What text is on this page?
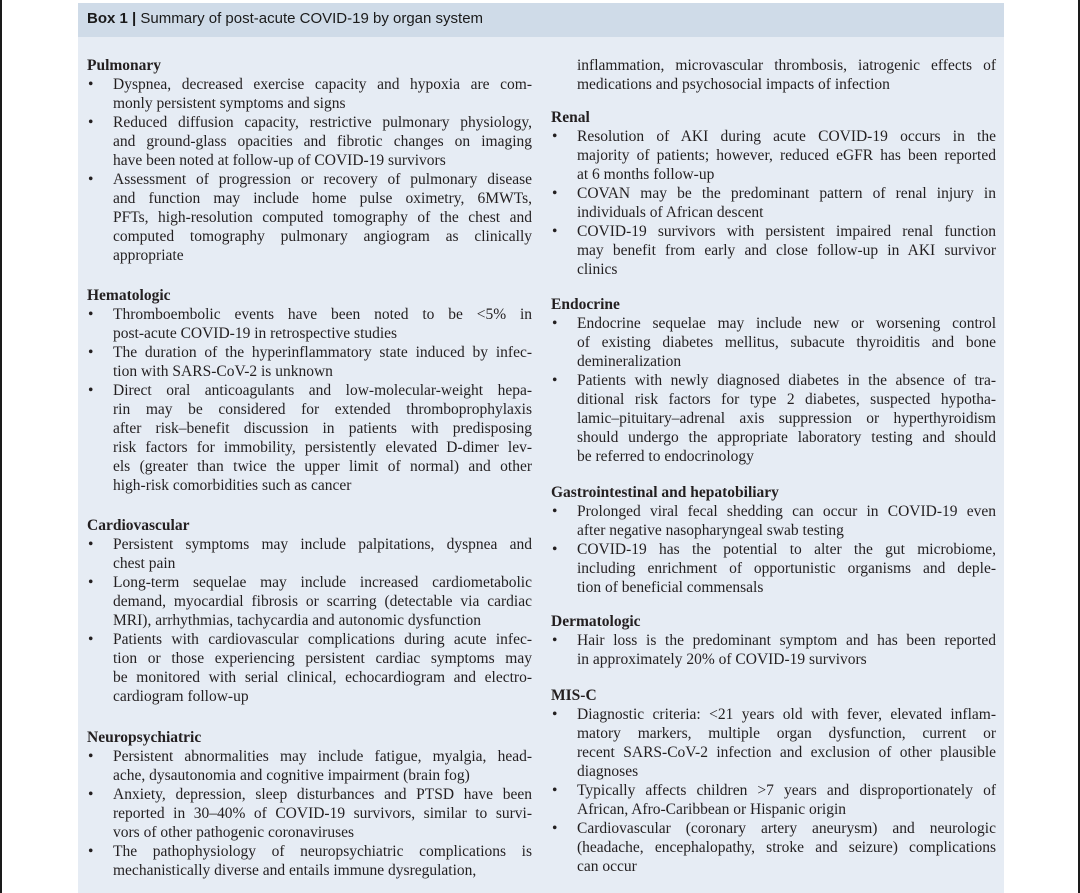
Box 1 | Summary of post-acute COVID-19 by organ system
Pulmonary
• Dyspnea, decreased exercise capacity and hypoxia are com-
monly persistent symptoms and signs
• Reduced diffusion capacity, restrictive pulmonary physiology,
and ground-glass opacities and fibrotic changes on imaging
have been noted at follow-up of COVID-19 survivors
• Assessment of progression or recovery of pulmonary disease
and function may include home pulse oximetry, 6MWTs,
PFTs, high-resolution computed tomography of the chest and
computed tomography pulmonary angiogram as clinically
appropriate
Hematologic
• Thromboembolic events have been noted to be <5% in
post-acute COVID-19 in retrospective studies
• The duration of the hyperinflammatory state induced by infec-
tion with SARS-CoV-2 is unknown
• Direct oral anticoagulants and low-molecular-weight hepa-
rin may be considered for extended thromboprophylaxis
after risk–benefit discussion in patients with predisposing
risk factors for immobility, persistently elevated D-dimer lev-
els (greater than twice the upper limit of normal) and other
high-risk comorbidities such as cancer
Cardiovascular
• Persistent symptoms may include palpitations, dyspnea and
chest pain
• Long-term sequelae may include increased cardiometabolic
demand, myocardial fibrosis or scarring (detectable via cardiac
MRI), arrhythmias, tachycardia and autonomic dysfunction
• Patients with cardiovascular complications during acute infec-
tion or those experiencing persistent cardiac symptoms may
be monitored with serial clinical, echocardiogram and electro-
cardiogram follow-up
Neuropsychiatric
• Persistent abnormalities may include fatigue, myalgia, head-
ache, dysautonomia and cognitive impairment (brain fog)
• Anxiety, depression, sleep disturbances and PTSD have been
reported in 30–40% of COVID-19 survivors, similar to survi-
vors of other pathogenic coronaviruses
• The pathophysiology of neuropsychiatric complications is
mechanistically diverse and entails immune dysregulation,
inflammation, microvascular thrombosis, iatrogenic effects of
medications and psychosocial impacts of infection
Renal
• Resolution of AKI during acute COVID-19 occurs in the
majority of patients; however, reduced eGFR has been reported
at 6 months follow-up
• COVAN may be the predominant pattern of renal injury in
individuals of African descent
• COVID-19 survivors with persistent impaired renal function
may benefit from early and close follow-up in AKI survivor
clinics
Endocrine
• Endocrine sequelae may include new or worsening control
of existing diabetes mellitus, subacute thyroiditis and bone
demineralization
• Patients with newly diagnosed diabetes in the absence of tra-
ditional risk factors for type 2 diabetes, suspected hypotha-
lamic–pituitary–adrenal axis suppression or hyperthyroidism
should undergo the appropriate laboratory testing and should
be referred to endocrinology
Gastrointestinal and hepatobiliary
• Prolonged viral fecal shedding can occur in COVID-19 even
after negative nasopharyngeal swab testing
• COVID-19 has the potential to alter the gut microbiome,
including enrichment of opportunistic organisms and deple-
tion of beneficial commensals
Dermatologic
• Hair loss is the predominant symptom and has been reported
in approximately 20% of COVID-19 survivors
MIS-C
• Diagnostic criteria: <21 years old with fever, elevated inflam-
matory markers, multiple organ dysfunction, current or
recent SARS-CoV-2 infection and exclusion of other plausible
diagnoses
• Typically affects children >7 years and disproportionately of
African, Afro-Caribbean or Hispanic origin
• Cardiovascular (coronary artery aneurysm) and neurologic
(headache, encephalopathy, stroke and seizure) complications
can occur
